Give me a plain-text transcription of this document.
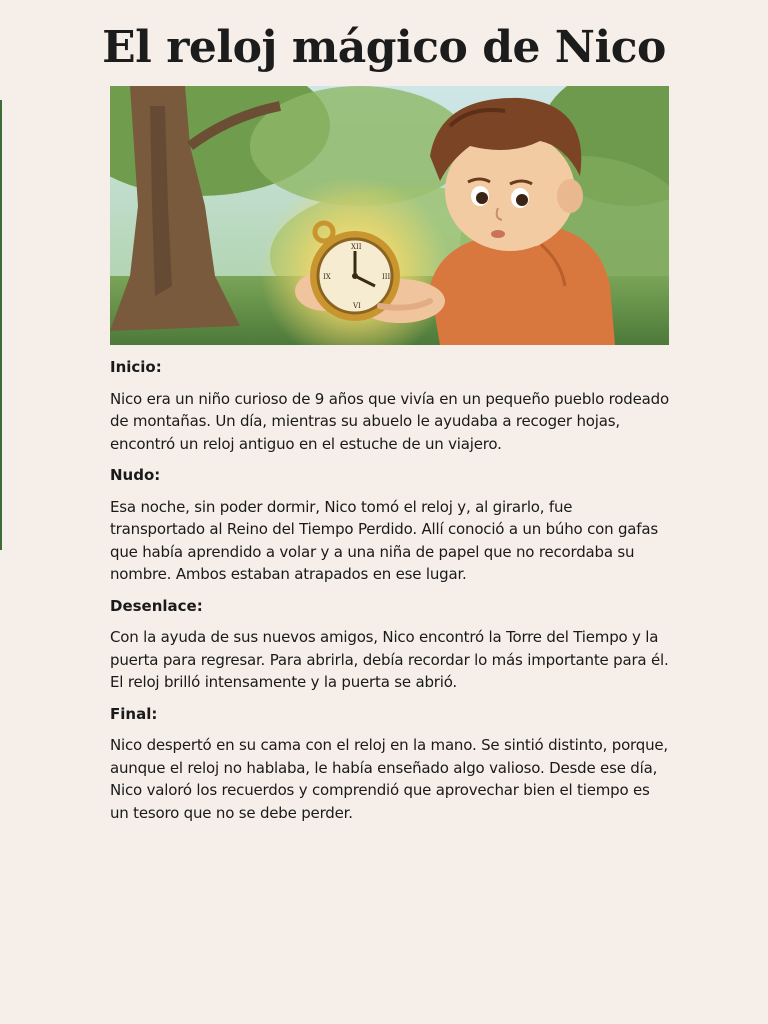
El reloj mágico de Nico
XII
III
VI
IX
Inicio:

Nico era un niño curioso de 9 años que vivía en un pequeño pueblo rodeado de montañas. Un día, mientras su abuelo le ayudaba a recoger hojas, encontró un reloj antiguo en el estuche de un viajero.

Nudo:

Esa noche, sin poder dormir, Nico tomó el reloj y, al girarlo, fue transportado al Reino del Tiempo Perdido. Allí conoció a un búho con gafas que había aprendido a volar y a una niña de papel que no recordaba su nombre. Ambos estaban atrapados en ese lugar.

Desenlace:

Con la ayuda de sus nuevos amigos, Nico encontró la Torre del Tiempo y la puerta para regresar. Para abrirla, debía recordar lo más importante para él. El reloj brilló intensamente y la puerta se abrió.

Final:

Nico despertó en su cama con el reloj en la mano. Se sintió distinto, porque, aunque el reloj no hablaba, le había enseñado algo valioso. Desde ese día, Nico valoró los recuerdos y comprendió que aprovechar bien el tiempo es un tesoro que no se debe perder.
